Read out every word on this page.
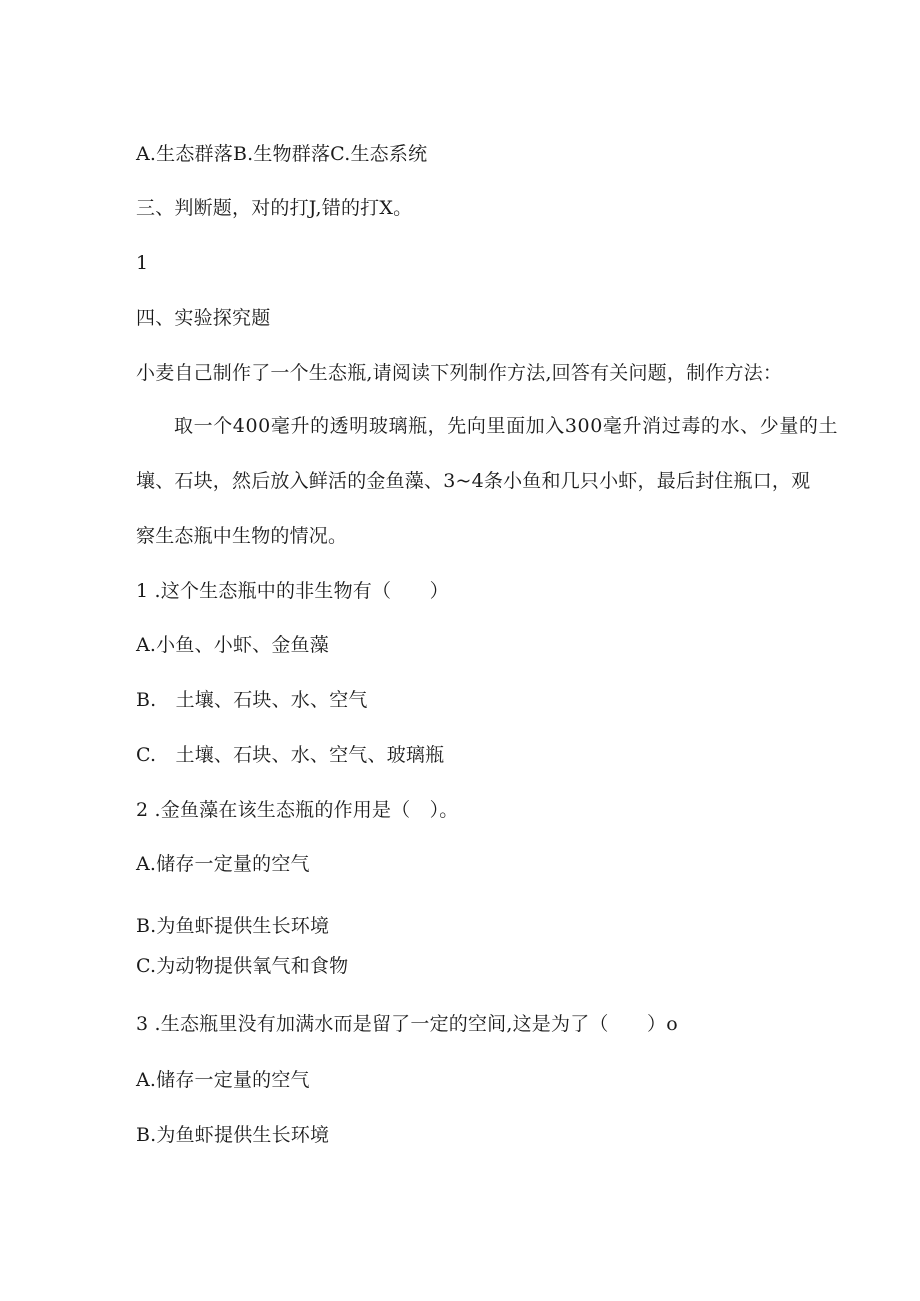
A.生态群落B.生物群落C.生态系统
三、判断题，对的打J,错的打X。
1
四、实验探究题
小麦自己制作了一个生态瓶,请阅读下列制作方法,回答有关问题，制作方法：
取一个400毫升的透明玻璃瓶，先向里面加入300毫升消过毒的水、少量的土
壤、石块，然后放入鲜活的金鱼藻、3~4条小鱼和几只小虾，最后封住瓶口，观
察生态瓶中生物的情况。
1 .这个生态瓶中的非生物有（　　）
A.小鱼、小虾、金鱼藻
B.　土壤、石块、水、空气
C.　土壤、石块、水、空气、玻璃瓶
2 .金鱼藻在该生态瓶的作用是（　）。
A.储存一定量的空气
B.为鱼虾提供生长环境
C.为动物提供氧气和食物
3 .生态瓶里没有加满水而是留了一定的空间,这是为了（　　）o
A.储存一定量的空气
B.为鱼虾提供生长环境
